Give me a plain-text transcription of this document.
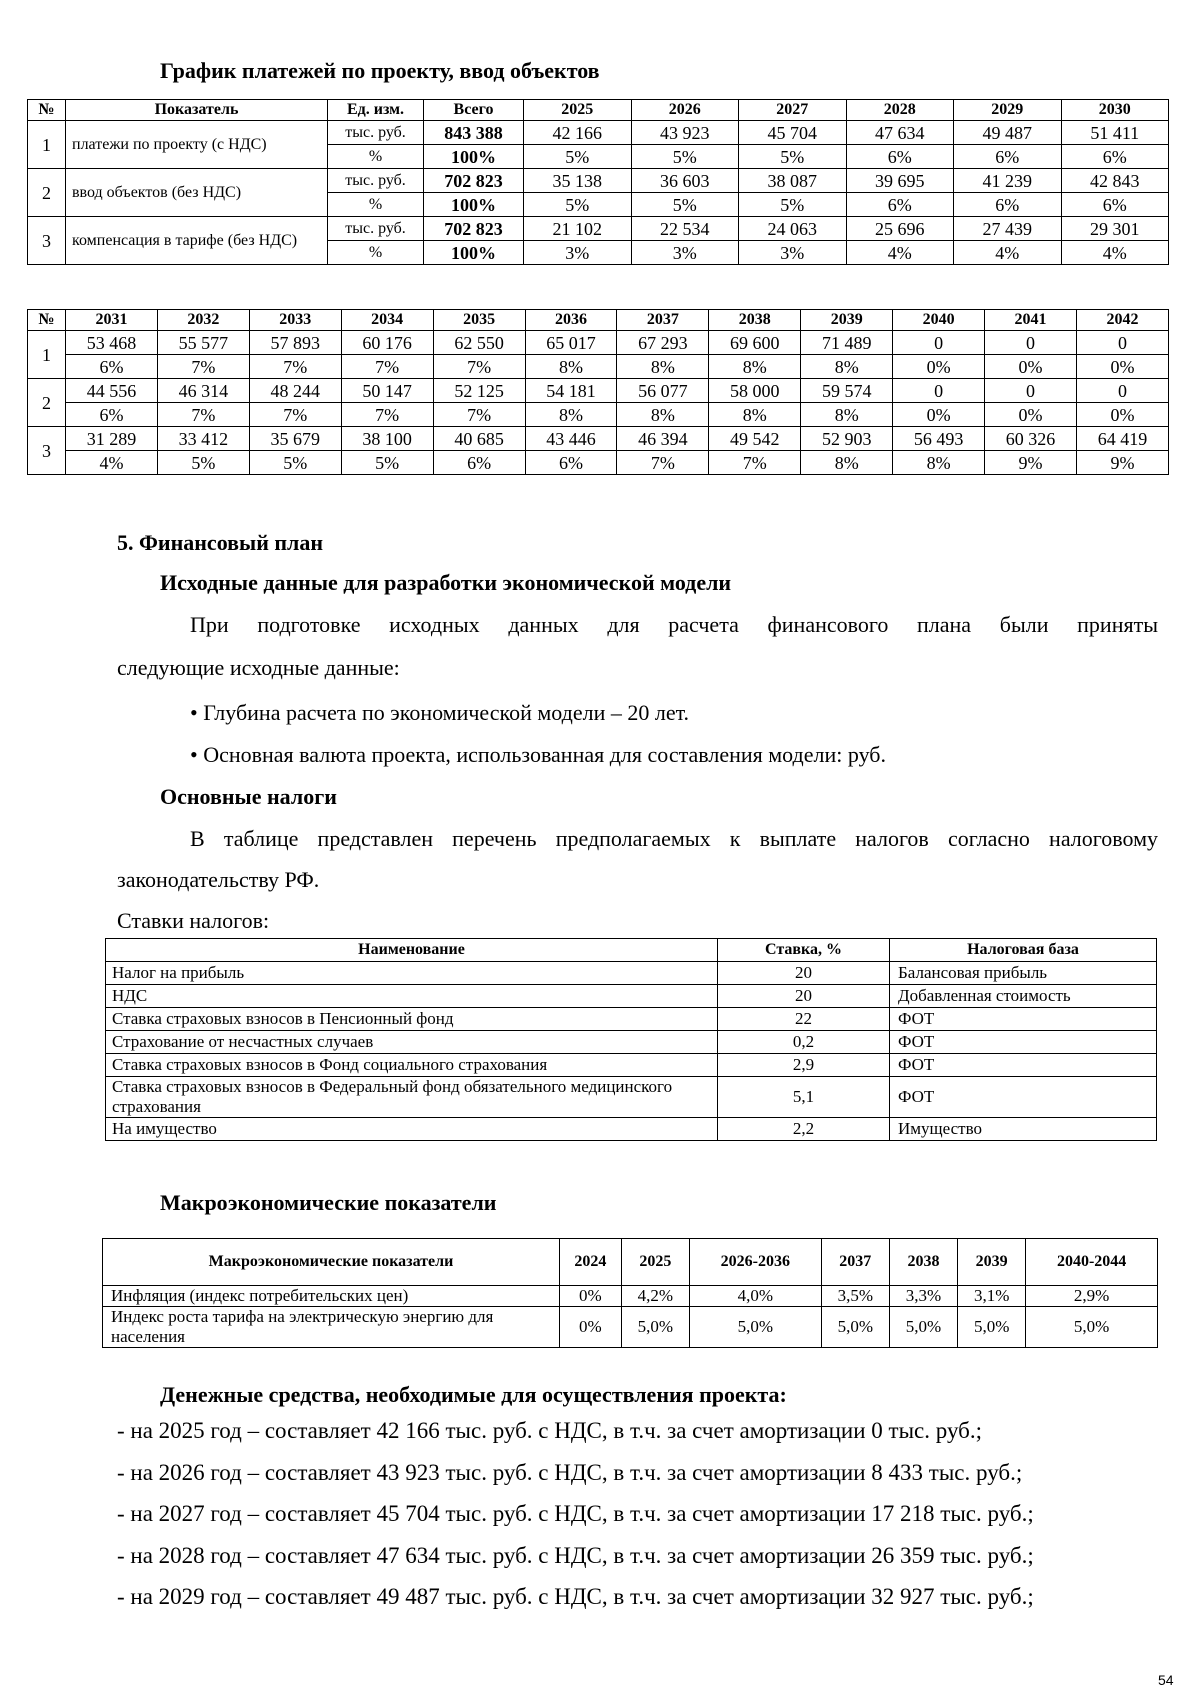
График платежей по проекту, ввод объектов
№	Показатель	Ед. изм.	Всего	2025	2026	2027	2028	2029	2030
1	платежи по проекту (с НДС)	тыс. руб.	843 388	42 166	43 923	45 704	47 634	49 487	51 411
		%	100%	5%	5%	5%	6%	6%	6%
2	ввод объектов (без НДС)	тыс. руб.	702 823	35 138	36 603	38 087	39 695	41 239	42 843
		%	100%	5%	5%	5%	6%	6%	6%
3	компенсация в тарифе (без НДС)	тыс. руб.	702 823	21 102	22 534	24 063	25 696	27 439	29 301
		%	100%	3%	3%	3%	4%	4%	4%
№	2031	2032	2033	2034	2035	2036	2037	2038	2039	2040	2041	2042
1	53 468	55 577	57 893	60 176	62 550	65 017	67 293	69 600	71 489	0	0	0
	6%	7%	7%	7%	7%	8%	8%	8%	8%	0%	0%	0%
2	44 556	46 314	48 244	50 147	52 125	54 181	56 077	58 000	59 574	0	0	0
	6%	7%	7%	7%	7%	8%	8%	8%	8%	0%	0%	0%
3	31 289	33 412	35 679	38 100	40 685	43 446	46 394	49 542	52 903	56 493	60 326	64 419
	4%	5%	5%	5%	6%	6%	7%	7%	8%	8%	9%	9%
5. Финансовый план
Исходные данные для разработки экономической модели
При подготовке исходных данных для расчета финансового плана были приняты
следующие исходные данные:
• Глубина расчета по экономической модели – 20 лет.
• Основная валюта проекта, использованная для составления модели: руб.
Основные налоги
В таблице представлен перечень предполагаемых к выплате налогов согласно налоговому
законодательству РФ.
Ставки налогов:
Наименование	Ставка, %	Налоговая база
Налог на прибыль	20	Балансовая прибыль
НДС	20	Добавленная стоимость
Ставка страховых взносов в Пенсионный фонд	22	ФОТ
Страхование от несчастных случаев	0,2	ФОТ
Ставка страховых взносов в Фонд социального страхования	2,9	ФОТ
Ставка страховых взносов в Федеральный фонд обязательного медицинского страхования	5,1	ФОТ
На имущество	2,2	Имущество
Макроэкономические показатели
Макроэкономические показатели	2024	2025	2026-2036	2037	2038	2039	2040-2044
Инфляция (индекс потребительских цен)	0%	4,2%	4,0%	3,5%	3,3%	3,1%	2,9%
Индекс роста тарифа на электрическую энергию для населения	0%	5,0%	5,0%	5,0%	5,0%	5,0%	5,0%
Денежные средства, необходимые для осуществления проекта:
- на 2025 год – составляет 42 166 тыс. руб. с НДС, в т.ч. за счет амортизации 0 тыс. руб.;
- на 2026 год – составляет 43 923 тыс. руб. с НДС, в т.ч. за счет амортизации 8 433 тыс. руб.;
- на 2027 год – составляет 45 704 тыс. руб. с НДС, в т.ч. за счет амортизации 17 218 тыс. руб.;
- на 2028 год – составляет 47 634 тыс. руб. с НДС, в т.ч. за счет амортизации 26 359 тыс. руб.;
- на 2029 год – составляет 49 487 тыс. руб. с НДС, в т.ч. за счет амортизации 32 927 тыс. руб.;
54
